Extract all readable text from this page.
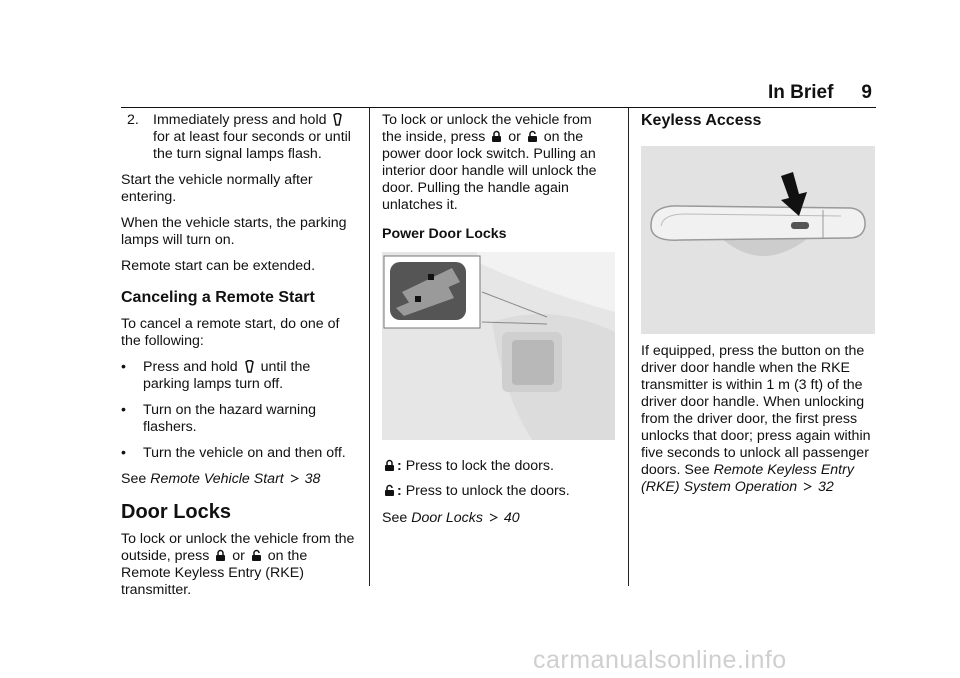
In Brief 9
2. Immediately press and hold  for at least four seconds or until the turn signal lamps flash.

Start the vehicle normally after entering.

When the vehicle starts, the parking lamps will turn on.

Remote start can be extended.

Canceling a Remote Start

To cancel a remote start, do one of the following:

•	Press and hold until the parking lamps turn off.
•	Turn on the hazard warning flashers.
•	Turn the vehicle on and then off.

See Remote Vehicle Start 38

Door Locks

To lock or unlock the vehicle from the outside, press or on the Remote Keyless Entry (RKE) transmitter.

To lock or unlock the vehicle from the inside, press or on the power door lock switch. Pulling an interior door handle will unlock the door. Pulling the handle again unlatches it.

Power Door Locks

: Press to lock the doors.

: Press to unlock the doors.

See Door Locks 40

Keyless Access

If equipped, press the button on the driver door handle when the RKE transmitter is within 1 m (3 ft) of the driver door handle. When unlocking from the driver door, the first press unlocks that door; press again within five seconds to unlock all passenger doors. See Remote Keyless Entry (RKE) System Operation 32

carmanualsonline.info
